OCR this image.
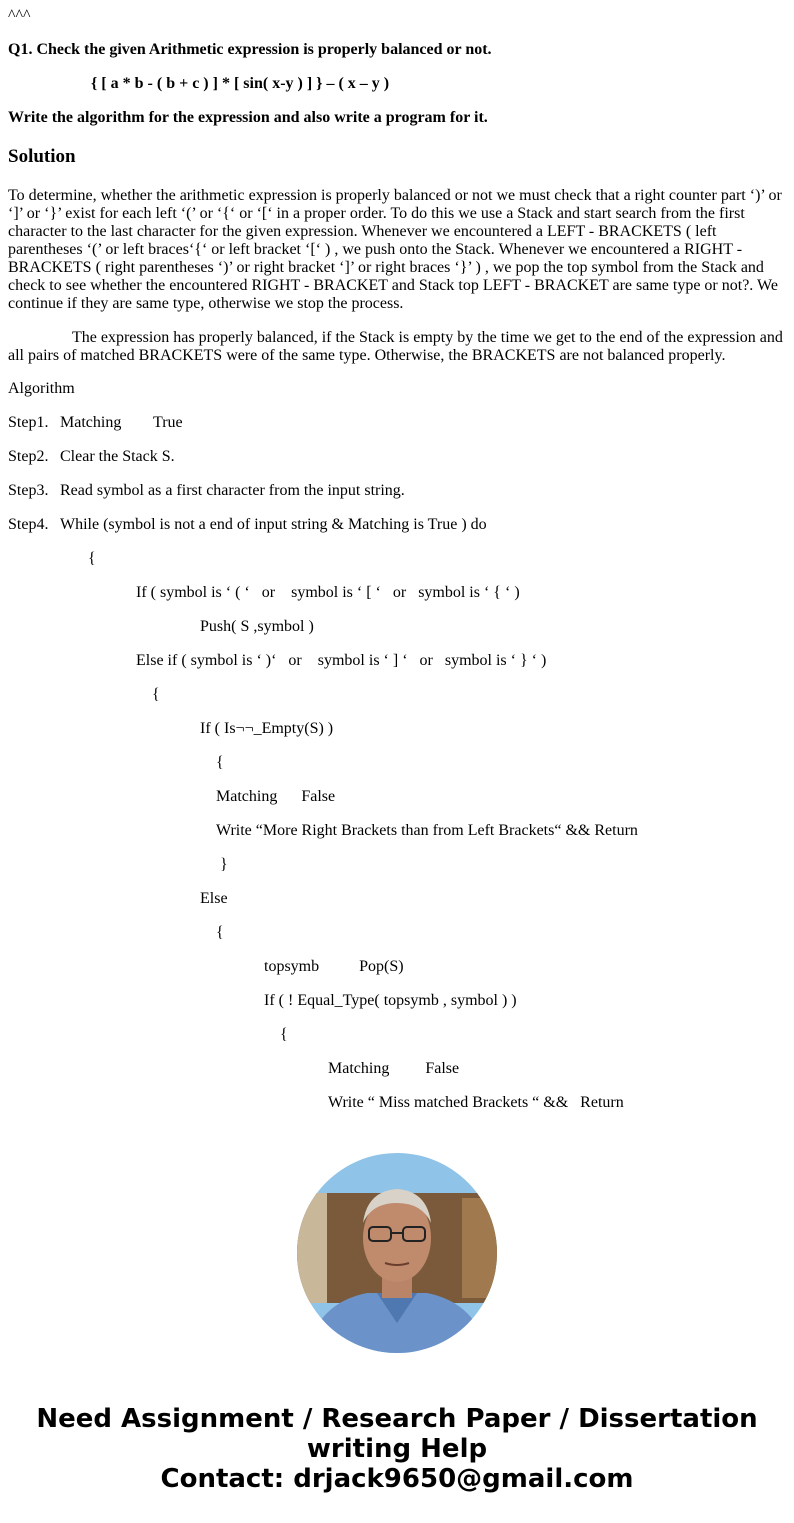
^^^
Q1. Check the given Arithmetic expression is properly balanced or not.
{ [ a * b - ( b + c ) ] * [ sin( x-y ) ] } – ( x – y )
Write the algorithm for the expression and also write a program for it.
Solution
To determine, whether the arithmetic expression is properly balanced or not we must check that a right counter part ‘)’ or ‘]’ or ‘}’ exist for each left ‘(’ or ‘{‘ or ‘[‘ in a proper order. To do this we use a Stack and start search from the first character to the last character for the given expression. Whenever we encountered a LEFT - BRACKETS ( left parentheses ‘(’ or left braces‘{‘ or left bracket ‘[‘ ) , we push onto the Stack. Whenever we encountered a RIGHT - BRACKETS ( right parentheses ‘)’ or right bracket ‘]’ or right braces ‘}’ ) , we pop the top symbol from the Stack and check to see whether the encountered RIGHT - BRACKET and Stack top LEFT - BRACKET are same type or not?. We continue if they are same type, otherwise we stop the process.
The expression has properly balanced, if the Stack is empty by the time we get to the end of the expression and all pairs of matched BRACKETS were of the same type. Otherwise, the BRACKETS are not balanced properly.
Algorithm
Step1. Matching True
Step2. Clear the Stack S.
Step3. Read symbol as a first character from the input string.
Step4. While (symbol is not a end of input string & Matching is True ) do
{
If ( symbol is ‘ ( ‘   or    symbol is ‘ [ ‘   or   symbol is ‘ { ‘ )
Push( S ,symbol )
Else if ( symbol is ‘ )‘   or    symbol is ‘ ] ‘   or   symbol is ‘ } ‘ )
{
If ( Is¬¬_Empty(S) )
{
Matching      False
Write “More Right Brackets than from Left Brackets“ && Return
}
Else
{
topsymb          Pop(S)
If ( ! Equal_Type( topsymb , symbol ) )
{
Matching         False
Write “ Miss matched Brackets “ &&   Return
Need Assignment / Research Paper / Dissertation
writing Help
Contact: drjack9650@gmail.com
